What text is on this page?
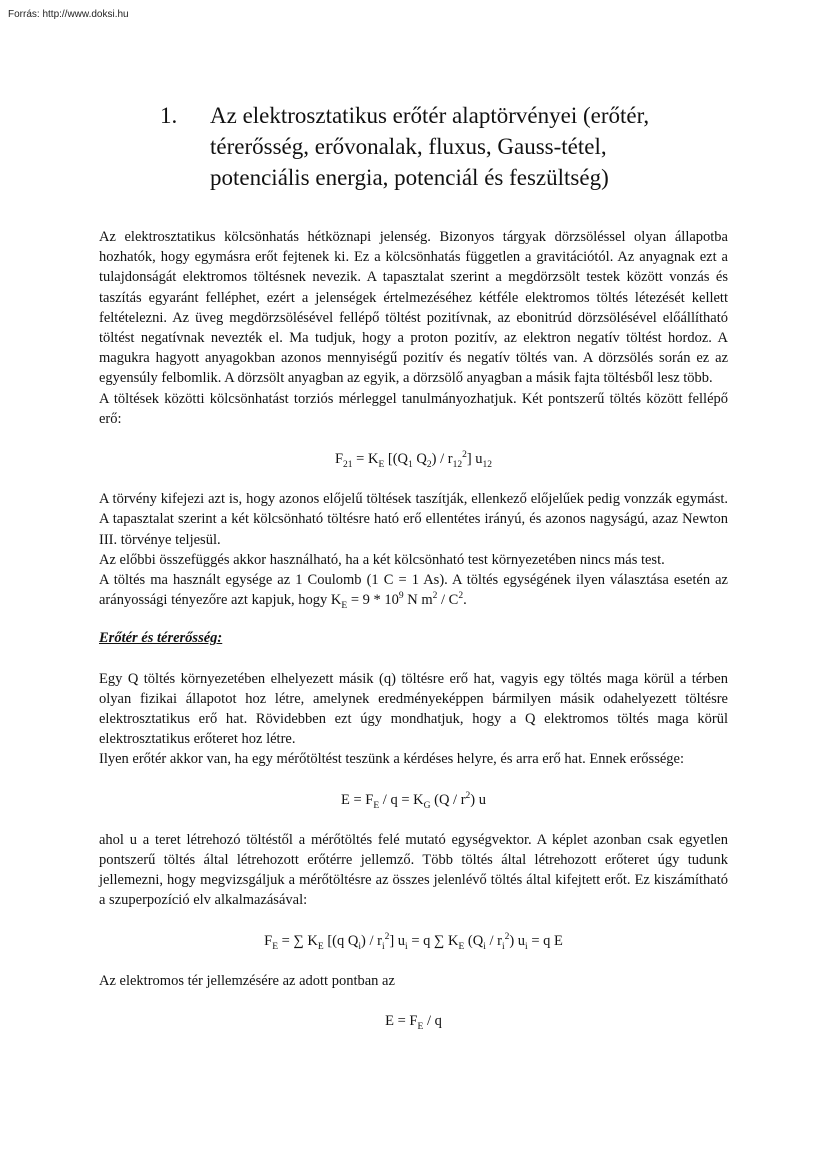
Forrás: http://www.doksi.hu
1. Az elektrosztatikus erőtér alaptörvényei (erőtér,
térerősség, erővonalak, fluxus, Gauss-tétel,
potenciális energia, potenciál és feszültség)

Az elektrosztatikus kölcsönhatás hétköznapi jelenség. Bizonyos tárgyak dörzsöléssel olyan állapotba hozhatók, hogy egymásra erőt fejtenek ki. Ez a kölcsönhatás független a gravitációtól. Az anyagnak ezt a tulajdonságát elektromos töltésnek nevezik. A tapasztalat szerint a megdörzsölt testek között vonzás és taszítás egyaránt felléphet, ezért a jelenségek értelmezéséhez kétféle elektromos töltés létezését kellett feltételezni. Az üveg megdörzsölésével fellépő töltést pozitívnak, az ebonitrúd dörzsölésével előállítható töltést negatívnak nevezték el. Ma tudjuk, hogy a proton pozitív, az elektron negatív töltést hordoz. A magukra hagyott anyagokban azonos mennyiségű pozitív és negatív töltés van. A dörzsölés során ez az egyensúly felbomlik. A dörzsölt anyagban az egyik, a dörzsölő anyagban a másik fajta töltésből lesz több.

A töltések közötti kölcsönhatást torziós mérleggel tanulmányozhatjuk. Két pontszerű töltés között fellépő erő:

$F_{21} = K_E$ [($Q_1$ $Q_2) / r_{12}^2$] $u_{12}$

A törvény kifejezi azt is, hogy azonos előjelű töltések taszítják, ellenkező előjelűek pedig vonzzák egymást. A tapasztalat szerint a két kölcsönható töltésre ható erő ellentétes irányú, és azonos nagyságú, azaz Newton III. törvénye teljesül.

Az előbbi összefüggés akkor használható, ha a két kölcsönható test környezetében nincs más test.

A töltés ma használt egysége az 1 Coulomb (1 C = 1 As). A töltés egységének ilyen választása esetén az arányossági tényezőre azt kapjuk, hogy $K_E = 9 * 10^9$ N $m^2 / C^2$.

Erőtér és térerősség:

Egy Q töltés környezetében elhelyezett másik (q) töltésre erő hat, vagyis egy töltés maga körül a térben olyan fizikai állapotot hoz létre, amelynek eredményeképpen bármilyen másik odahelyezett töltésre elektrosztatikus erő hat. Rövidebben ezt úgy mondhatjuk, hogy a Q elektromos töltés maga körül elektrosztatikus erőteret hoz létre.

Ilyen erőtér akkor van, ha egy mérőtöltést teszünk a kérdéses helyre, és arra erő hat. Ennek erőssége:

$E = F_E / q = K_G$ $(Q / r^2)$ u

ahol u a teret létrehozó töltéstől a mérőtöltés felé mutató egységvektor. A képlet azonban csak egyetlen pontszerű töltés által létrehozott erőtérre jellemző. Több töltés által létrehozott erőteret úgy tudunk jellemezni, hogy megvizsgáljuk a mérőtöltésre az összes jelenlévő töltés által kifejtett erőt. Ez kiszámítható a szuperpozíció elv alkalmazásával:

$F_E$ = ∑ $K_E$ [(q $Q_i) / r_i^2$] $u_i = q$ ∑ $K_E$ $(Q_i / r_i^2) u_i = q$ E

Az elektromos tér jellemzésére az adott pontban az

$E = F_E / q$
